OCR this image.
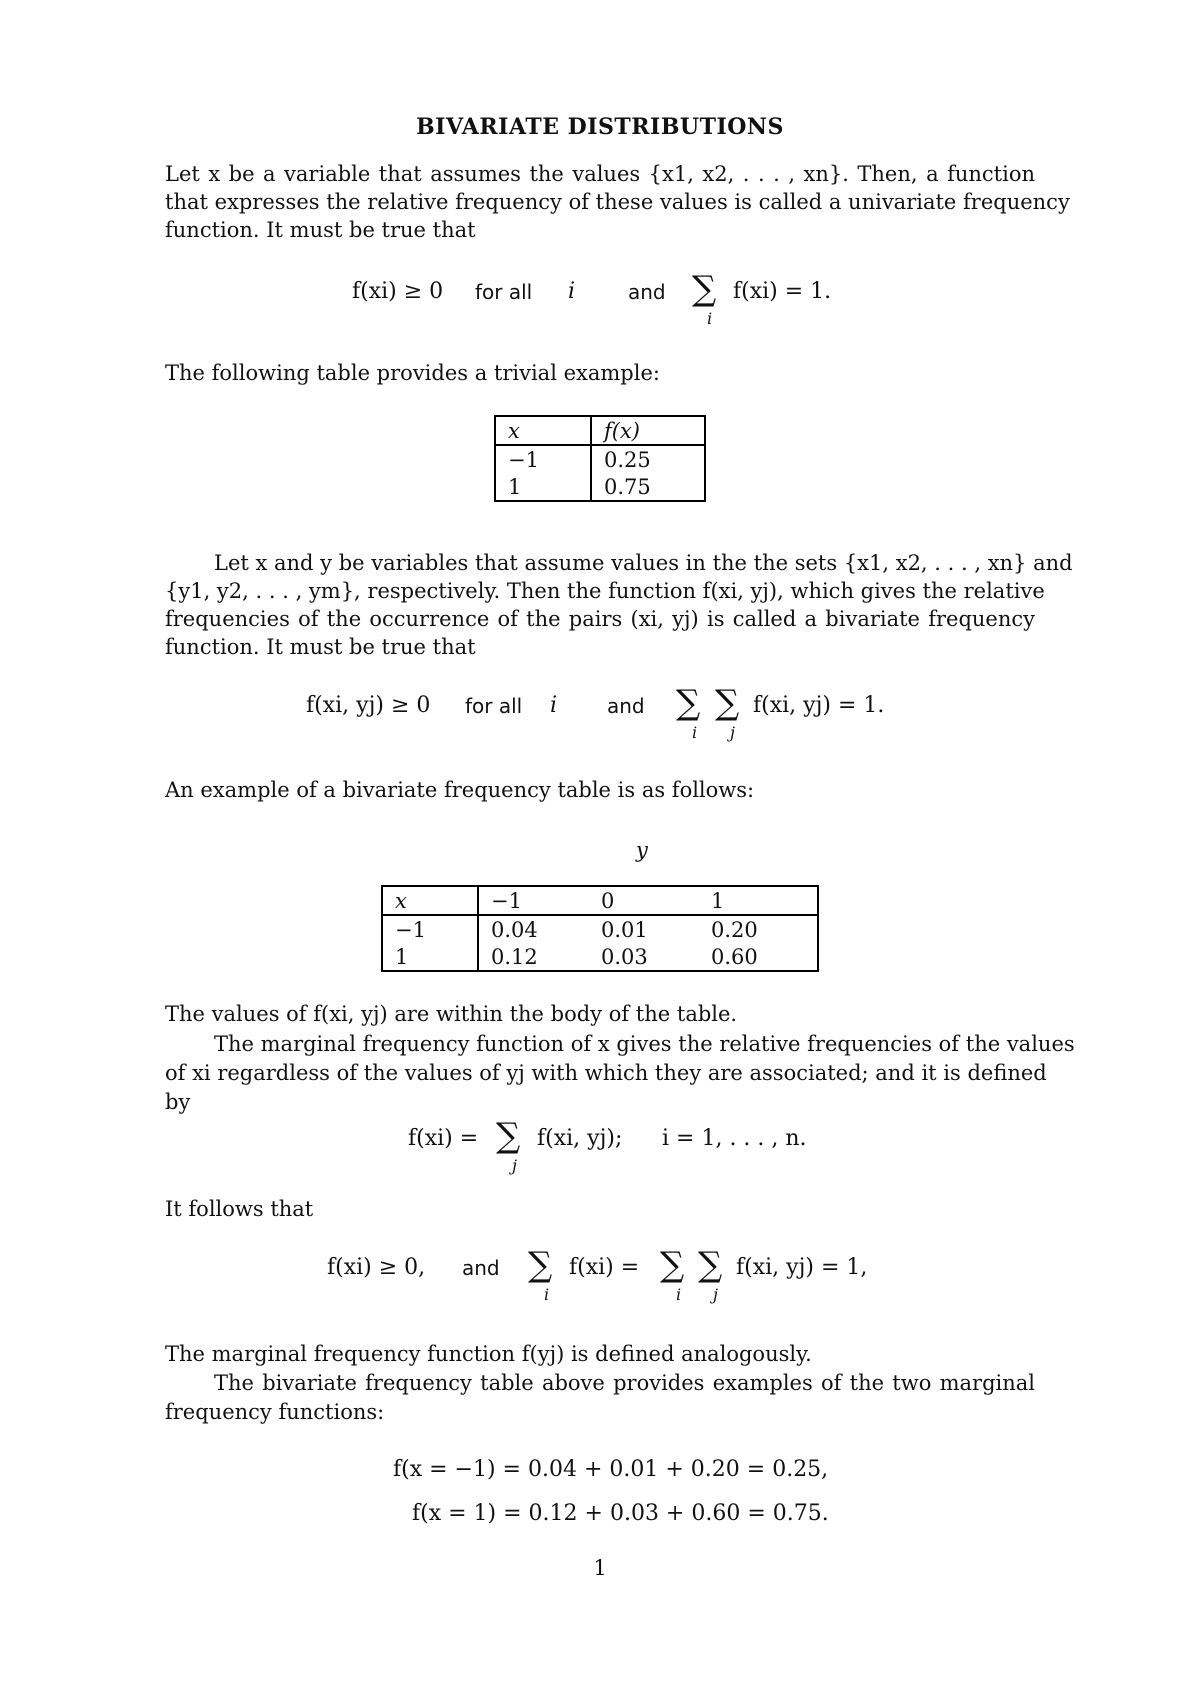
BIVARIATE DISTRIBUTIONS
Let x be a variable that assumes the values {x1, x2, . . . , xn}. Then, a function
that expresses the relative frequency of these values is called a univariate frequency
function. It must be true that
f(xi) ≥ 0 for all i	and ∑
i
f(xi) = 1.
The following table provides a trivial example:
x	f(x)
−1	0.25
1	0.75
Let x and y be variables that assume values in the the sets {x1, x2, . . . , xn} and
{y1, y2, . . . , ym}, respectively. Then the function f(xi, yj), which gives the relative
frequencies of the occurrence of the pairs (xi, yj) is called a bivariate frequency
function. It must be true that
f(xi, yj) ≥ 0 for all i and ∑ ∑
i j
f(xi, yj) = 1.
An example of a bivariate frequency table is as follows:
y
x	−1	0	1
−1	0.04	0.01	0.20
1	0.12	0.03	0.60
The values of f(xi, yj) are within the body of the table.
The marginal frequency function of x gives the relative frequencies of the values
of xi regardless of the values of yj with which they are associated; and it is defined
by
f(xi) = ∑
j
f(xi, yj); i = 1, . . . , n.
It follows that
f(xi) ≥ 0, and ∑
i
f(xi) = ∑ ∑
i j
f(xi, yj) = 1,
The marginal frequency function f(yj) is defined analogously.
The bivariate frequency table above provides examples of the two marginal
frequency functions:
f(x = −1) = 0.04 + 0.01 + 0.20 = 0.25,
f(x = 1) = 0.12 + 0.03 + 0.60 = 0.75.
1
